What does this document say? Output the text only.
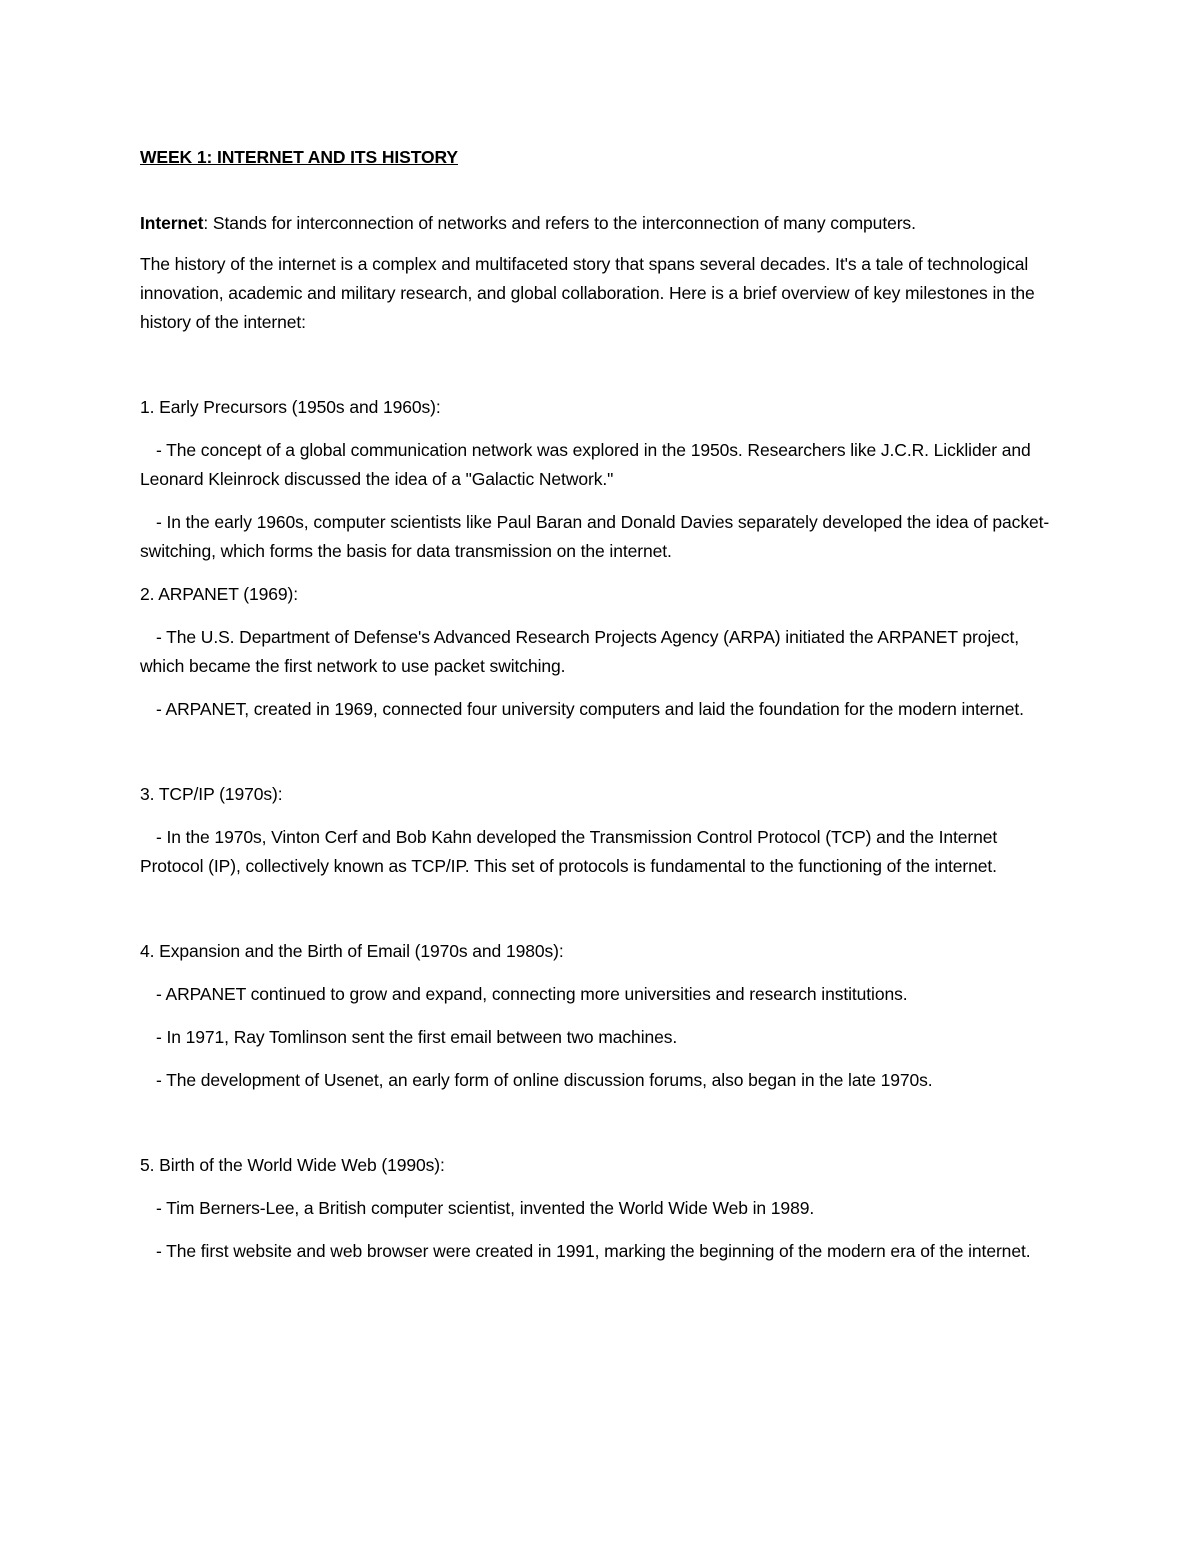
WEEK 1: INTERNET AND ITS HISTORY

Internet: Stands for interconnection of networks and refers to the interconnection of many computers.

The history of the internet is a complex and multifaceted story that spans several decades. It's a tale of technological innovation, academic and military research, and global collaboration. Here is a brief overview of key milestones in the history of the internet:

1. Early Precursors (1950s and 1960s):

- The concept of a global communication network was explored in the 1950s. Researchers like J.C.R. Licklider and Leonard Kleinrock discussed the idea of a "Galactic Network."

- In the early 1960s, computer scientists like Paul Baran and Donald Davies separately developed the idea of packet-switching, which forms the basis for data transmission on the internet.

2. ARPANET (1969):

- The U.S. Department of Defense's Advanced Research Projects Agency (ARPA) initiated the ARPANET project, which became the first network to use packet switching.

- ARPANET, created in 1969, connected four university computers and laid the foundation for the modern internet.

3. TCP/IP (1970s):

- In the 1970s, Vinton Cerf and Bob Kahn developed the Transmission Control Protocol (TCP) and the Internet Protocol (IP), collectively known as TCP/IP. This set of protocols is fundamental to the functioning of the internet.

4. Expansion and the Birth of Email (1970s and 1980s):

- ARPANET continued to grow and expand, connecting more universities and research institutions.

- In 1971, Ray Tomlinson sent the first email between two machines.

- The development of Usenet, an early form of online discussion forums, also began in the late 1970s.

5. Birth of the World Wide Web (1990s):

- Tim Berners-Lee, a British computer scientist, invented the World Wide Web in 1989.

- The first website and web browser were created in 1991, marking the beginning of the modern era of the internet.
